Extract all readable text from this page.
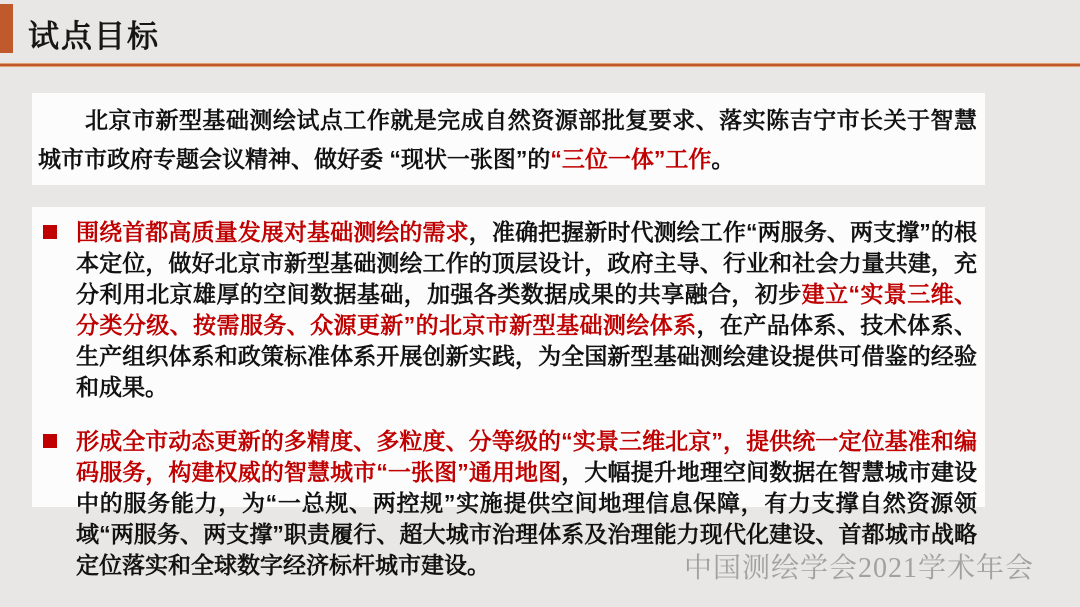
试点目标

北京市新型基础测绘试点工作就是完成自然资源部批复要求、落实陈吉宁市长关于智慧城市市政府专题会议精神、做好委 “现状一张图”的“三位一体”工作。

围绕首都高质量发展对基础测绘的需求，准确把握新时代测绘工作“两服务、两支撑”的根本定位，做好北京市新型基础测绘工作的顶层设计，政府主导、行业和社会力量共建，充分利用北京雄厚的空间数据基础，加强各类数据成果的共享融合，初步建立“实景三维、分类分级、按需服务、众源更新”的北京市新型基础测绘体系，在产品体系、技术体系、生产组织体系和政策标准体系开展创新实践，为全国新型基础测绘建设提供可借鉴的经验和成果。
形成全市动态更新的多精度、多粒度、分等级的“实景三维北京”，提供统一定位基准和编码服务，构建权威的智慧城市“一张图”通用地图，大幅提升地理空间数据在智慧城市建设中的服务能力，为“一总规、两控规”实施提供空间地理信息保障，有力支撑自然资源领域“两服务、两支撑”职责履行、超大城市治理体系及治理能力现代化建设、首都城市战略定位落实和全球数字经济标杆城市建设。	中国测绘学会2021学术年会
